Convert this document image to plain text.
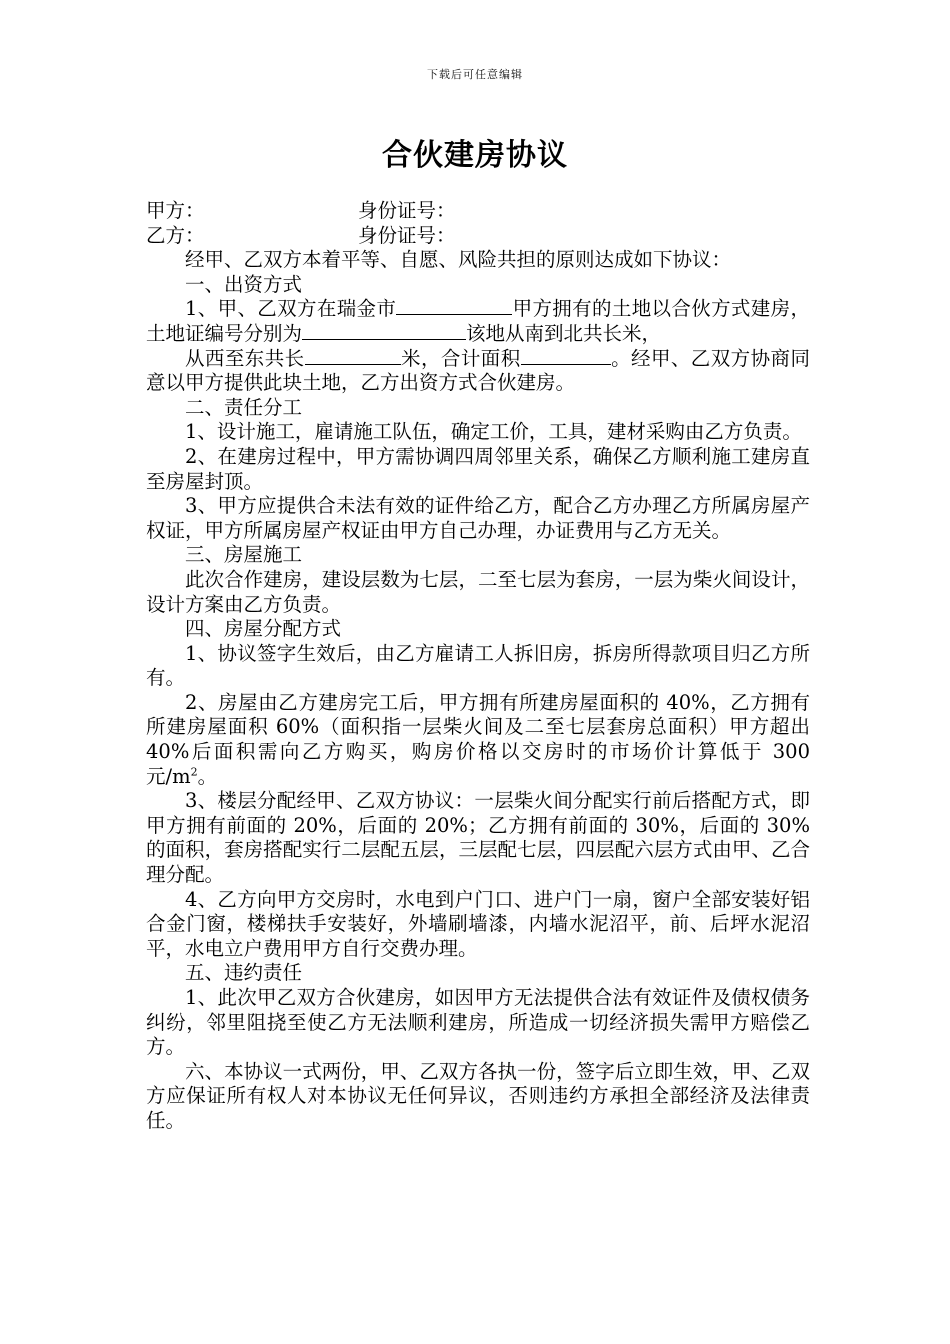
下载后可任意编辑
合伙建房协议
甲方：	身份证号：
乙方：	身份证号：

经甲、乙双方本着平等、自愿、风险共担的原则达成如下协议：

一、出资方式

1、甲、乙双方在瑞金市	甲方拥有的土地以合伙方式建房，土地证编号分别为	该地从南到北共长米，

从西至东共长	米，合计面积	。经甲、乙双方协商同意以甲方提供此块土地，乙方出资方式合伙建房。

二、责任分工

1、设计施工，雇请施工队伍，确定工价，工具，建材采购由乙方负责。

2、在建房过程中，甲方需协调四周邻里关系，确保乙方顺利施工建房直至房屋封顶。

3、甲方应提供合未法有效的证件给乙方，配合乙方办理乙方所属房屋产权证，甲方所属房屋产权证由甲方自己办理，办证费用与乙方无关。

三、房屋施工

此次合作建房，建设层数为七层，二至七层为套房，一层为柴火间设计，设计方案由乙方负责。

四、房屋分配方式

1、协议签字生效后，由乙方雇请工人拆旧房，拆房所得款项目归乙方所有。

2、房屋由乙方建房完工后，甲方拥有所建房屋面积的 40%，乙方拥有所建房屋面积 60%（面积指一层柴火间及二至七层套房总面积）甲方超出 40%后面积需向乙方购买，购房价格以交房时的市场价计算低于 300 元$/m^2$。

3、楼层分配经甲、乙双方协议：一层柴火间分配实行前后搭配方式，即甲方拥有前面的 20%，后面的 20%；乙方拥有前面的 30%，后面的 30%的面积，套房搭配实行二层配五层，三层配七层，四层配六层方式由甲、乙合理分配。

4、乙方向甲方交房时，水电到户门口、进户门一扇，窗户全部安装好铝合金门窗，楼梯扶手安装好，外墙刷墙漆，内墙水泥沼平，前、后坪水泥沼平，水电立户费用甲方自行交费办理。

五、违约责任

1、此次甲乙双方合伙建房，如因甲方无法提供合法有效证件及债权债务纠纷，邻里阻挠至使乙方无法顺利建房，所造成一切经济损失需甲方赔偿乙方。

六、本协议一式两份，甲、乙双方各执一份，签字后立即生效，甲、乙双方应保证所有权人对本协议无任何异议，否则违约方承担全部经济及法律责任。
